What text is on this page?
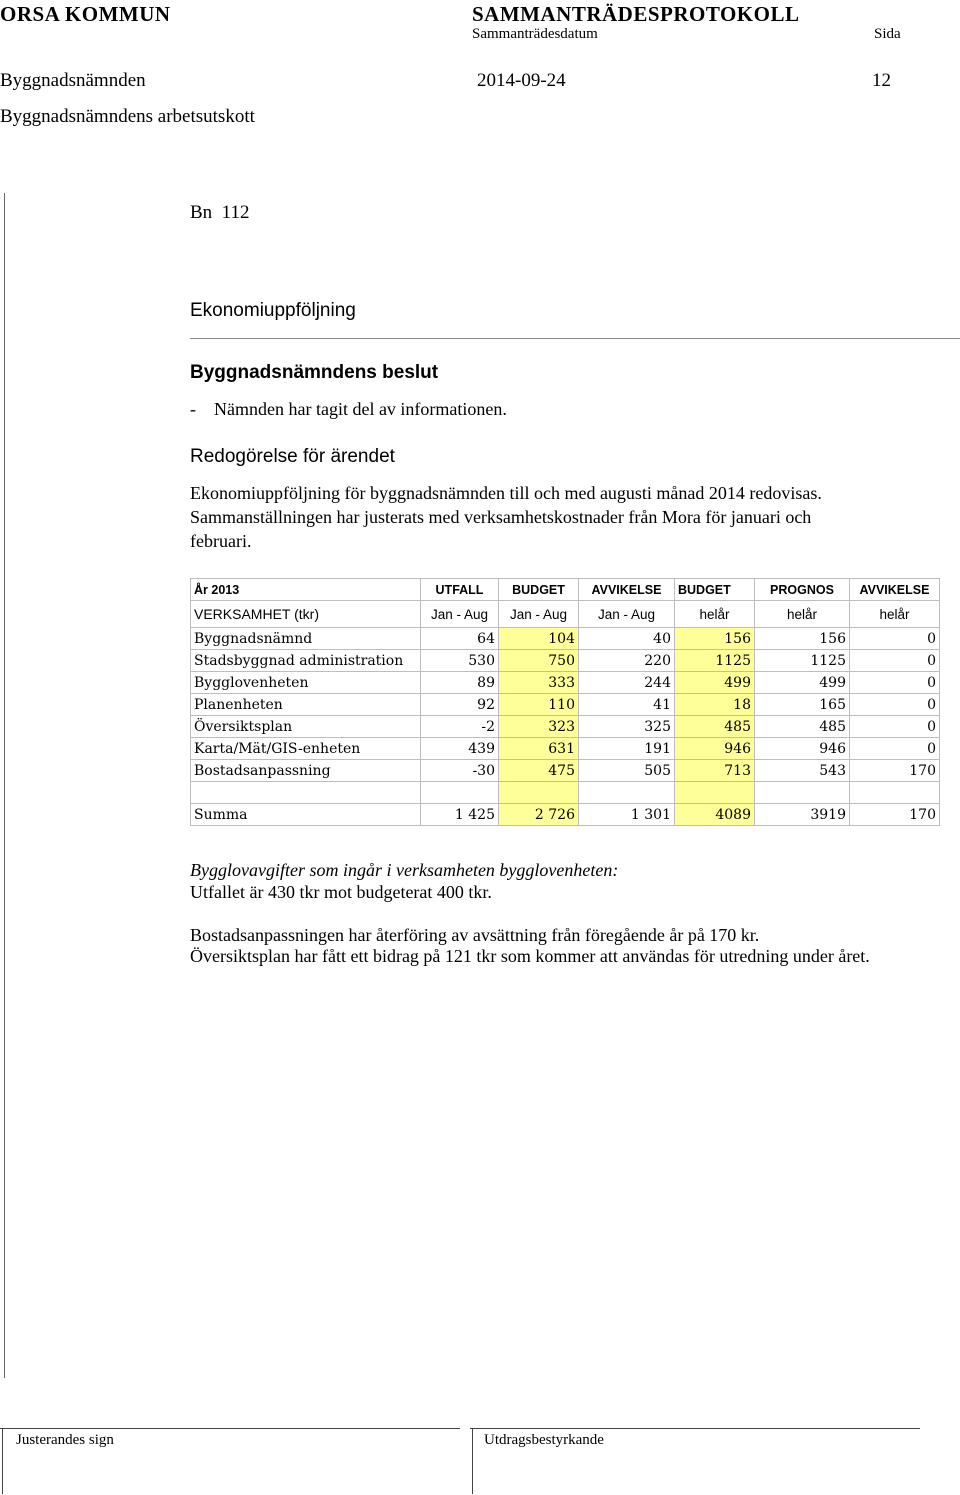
ORSA KOMMUN	SAMMANTRÄDESPROTOKOLL
Sammanträdesdatum	Sida
Byggnadsnämnden	2014-09-24	12
Byggnadsnämndens arbetsutskott
Bn  112
Ekonomiuppföljning
Byggnadsnämndens beslut
-    Nämnden har tagit del av informationen.
Redogörelse för ärendet
Ekonomiuppföljning för byggnadsnämnden till och med augusti månad 2014 redovisas.
Sammanställningen har justerats med verksamhetskostnader från Mora för januari och
februari.
År 2013	UTFALL	BUDGET	AVVIKELSE	BUDGET	PROGNOS	AVVIKELSE
VERKSAMHET (tkr)	Jan - Aug	Jan - Aug	Jan - Aug	helår	helår	helår
Byggnadsnämnd	64	104	40	156	156	0
Stadsbyggnad administration	530	750	220	1125	1125	0
Bygglovenheten	89	333	244	499	499	0
Planenheten	92	110	41	18	165	0
Översiktsplan	-2	323	325	485	485	0
Karta/Mät/GIS-enheten	439	631	191	946	946	0
Bostadsanpassning	-30	475	505	713	543	170

Summa	1 425	2 726	1 301	4089	3919	170
Bygglovavgifter som ingår i verksamheten bygglovenheten:
Utfallet är 430 tkr mot budgeterat 400 tkr.
Bostadsanpassningen har återföring av avsättning från föregående år på 170 kr.
Översiktsplan har fått ett bidrag på 121 tkr som kommer att användas för utredning under året.
Justerandes sign	Utdragsbestyrkande
